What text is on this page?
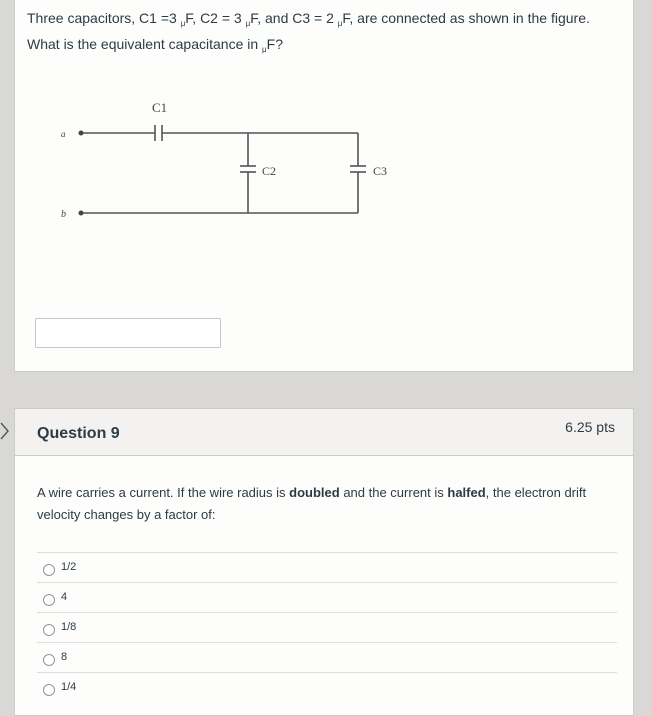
Three capacitors, C1 =3 $_\mu$F, C2 = 3 $_\mu$F, and C3 = 2 $_\mu$F, are connected as shown in the figure. What is the equivalent capacitance in $_\mu$F?
a
b
C1
C2	C3
Question 9	6.25 pts
A wire carries a current. If the wire radius is doubled and the current is halfed, the electron drift velocity changes by a factor of:
1/2
4
1/8
8
1/4
